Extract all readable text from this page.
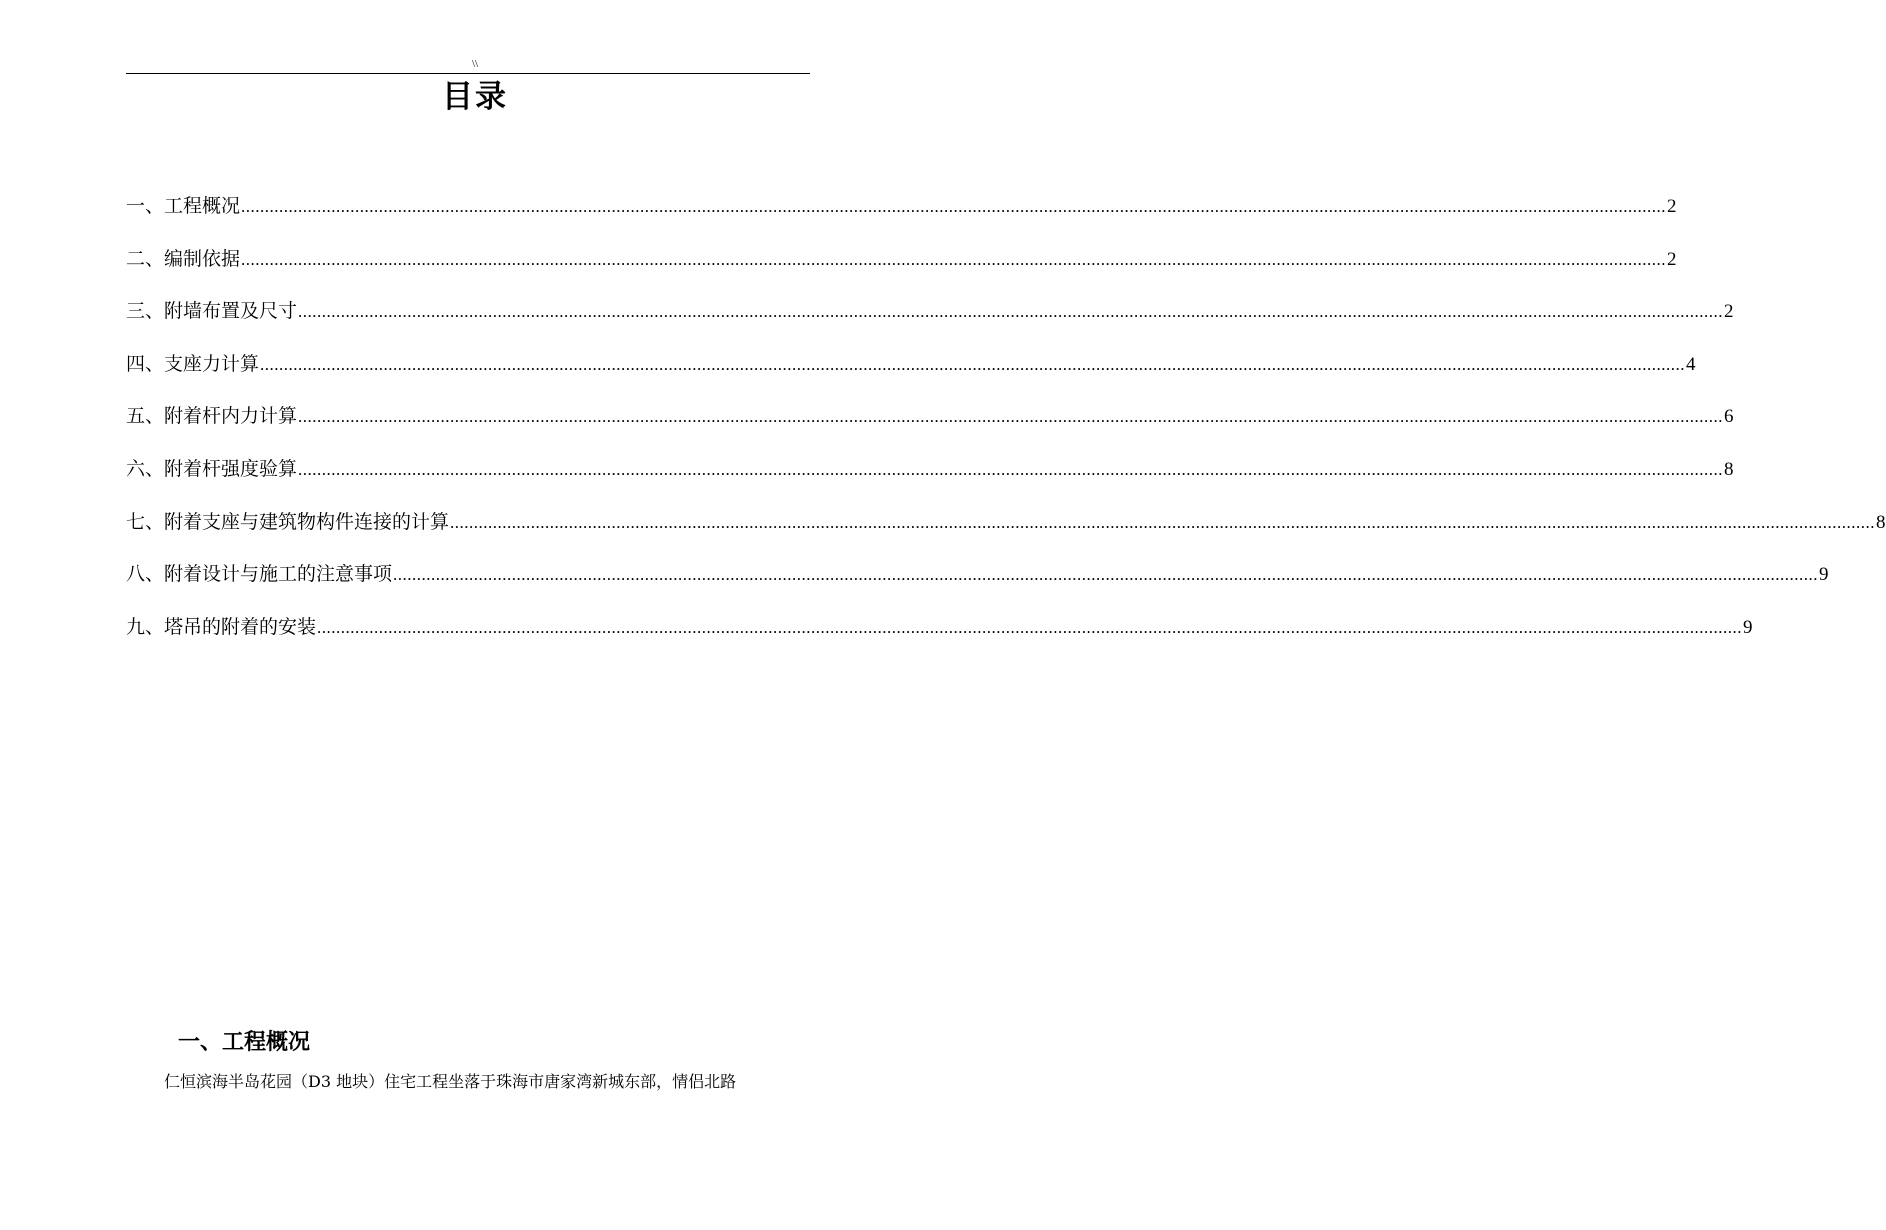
\\
目录
一、工程概况 ............................................................................................................................................................................................................................................................................................................ 2
二、编制依据 ............................................................................................................................................................................................................................................................................................................ 2
三、附墙布置及尺寸 ............................................................................................................................................................................................................................................................................................................ 2
四、支座力计算 ............................................................................................................................................................................................................................................................................................................ 4
五、附着杆内力计算 ............................................................................................................................................................................................................................................................................................................ 6
六、附着杆强度验算 ............................................................................................................................................................................................................................................................................................................ 8
七、附着支座与建筑物构件连接的计算 ............................................................................................................................................................................................................................................................................................................ 8
八、附着设计与施工的注意事项 ............................................................................................................................................................................................................................................................................................................ 9
九、塔吊的附着的安装 ............................................................................................................................................................................................................................................................................................................ 9
一、工程概况

仁恒滨海半岛花园（D3 地块）住宅工程坐落于珠海市唐家湾新城东部，情侣北路
